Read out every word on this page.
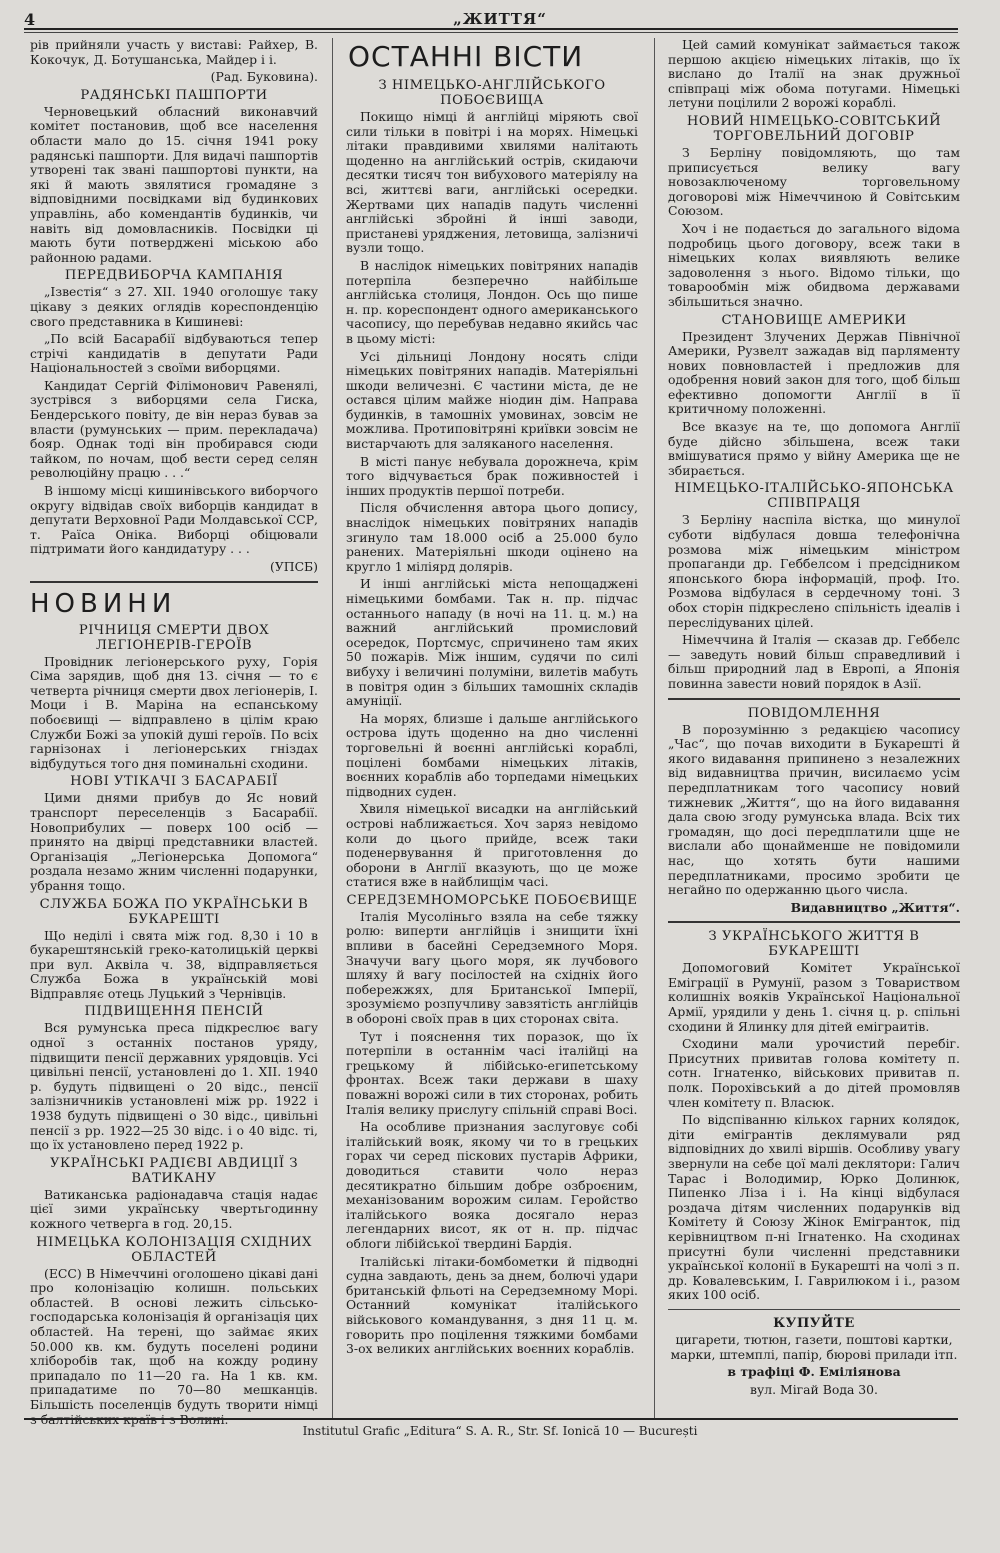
4	„ЖИТТЯ“

рів прийняли участь у виставі: Райхер, В. Кокочук, Д. Ботушанська, Майдер і і.

(Рад. Буковина).

РАДЯНСЬКІ ПАШПОРТИ

Черновецький обласний виконавчий комітет постановив, щоб все населення области мало до 15. січня 1941 року радянські пашпорти. Для видачі пашпортів утворені так звані пашпортові пункти, на які й мають звялятися громадяне з відповідними посвідками від будинкових управлінь, або комендантів будинків, чи навіть від домовласників. Посвідки ці мають бути потверджені міською або районною радами.

ПЕРЕДВИБОРЧА КАМПАНІЯ

„Ізвестія“ з 27. XII. 1940 оголошує таку цікаву з деяких оглядів кореспонденцію свого представника в Кишиневі:

„По всій Басарабії відбуваються тепер стрічі кандидатів в депутати Ради Національностей з своїми виборцями.

Кандидат Сергій Філімонович Равенялі, зустрівся з виборцями села Гиска, Бендерського повіту, де він нераз бував за власти (румунських — прим. перекладача) бояр. Однак тоді він пробирався сюди тайком, по ночам, щоб вести серед селян революційну працю . . .“

В іншому місці кишинівського виборчого округу відвідав своїх виборців кандидат в депутати Верховної Ради Молдавської ССР, т. Раїса Оніка. Виборці обіцювали підтримати його кандидатуру . . .

(УПСБ)

НОВИНИ
РІЧНИЦЯ СМЕРТИ ДВОХ ЛЕГІОНЕРІВ-ГЕРОЇВ

Провідник легіонерського руху, Горія Сіма зарядив, щоб дня 13. січня — то є четверта річниця смерти двох легіонерів, І. Моци і В. Маріна на еспанському побоєвищі — відправлено в цілім краю Служби Божі за упокій душі героїв. По всіх гарнізонах і легіонерських гніздах відбудуться того дня поминальні сходини.

НОВІ УТІКАЧІ З БАСАРАБІЇ

Цими днями прибув до Яс новий транспорт переселенців з Басарабії. Новоприбулих — поверх 100 осіб — принято на двірці представники властей. Організація „Легіонерська Допомога“ роздала незамо жним численні подарунки, убрання тощо.

СЛУЖБА БОЖА ПО УКРАЇНСЬКИ В БУКАРЕШТІ

Що неділі і свята між год. 8,30 і 10 в букарештянській греко-католицькій церкві при вул. Аквіла ч. 38, відправляється Служба Божа в українській мові Відправляє отець Луцький з Чернівців.

ПІДВИЩЕННЯ ПЕНСІЙ

Вся румунська преса підкреслює вагу одної з останніх постанов уряду, підвищити пенсії державних урядовців. Усі цивільні пенсії, установлені до 1. XII. 1940 р. будуть підвищені о 20 відс., пенсії залізничників установлені між рр. 1922 і 1938 будуть підвищені о 30 відс., цивільні пенсії з рр. 1922—25 30 відс. і о 40 відс. ті, що їх установлено перед 1922 р.

УКРАЇНСЬКІ РАДІЄВІ АВДИЦІЇ З ВАТИКАНУ

Ватиканська радіонадавча стація надає цієї зими українську чвертьгодинну кожного четверга в год. 20,15.

НІМЕЦЬКА КОЛОНІЗАЦІЯ СХІДНИХ ОБЛАСТЕЙ

(ЕСС) В Німеччині оголошено цікаві дані про колонізацію колишн. польських областей. В основі лежить сільсько-господарська колонізація й організація цих областей. На терені, що займає яких 50.000 кв. км. будуть поселені родини хліборобів так, щоб на кожду родину припадало по 11—20 га. На 1 кв. км. припадатиме по 70—80 мешканців. Більшість поселенців будуть творити німці з балтійських країв і з Волині.

ОСТАННІ ВІСТИ
З НІМЕЦЬКО-АНГЛІЙСЬКОГО ПОБОЄВИЩА

Покищо німці й англійці міряють свої сили тільки в повітрі і на морях. Німецькі літаки правдивими хвилями налітають щоденно на англійський острів, скидаючи десятки тисяч тон вибухового матеріялу на всі, життєві ваги, англійські осередки. Жертвами цих нападів падуть численні англійські збройні й інші заводи, пристаневі уряджения, летовища, залізничі вузли тощо.

В наслідок німецьких повітряних нападів потерпіла безперечно найбільше англійська столиця, Лондон. Ось що пише н. пр. кореспондент одного американського часопису, що перебував недавно якийсь час в цьому місті:

Усі дільниці Лондону носять сліди німецьких повітряних нападів. Матеріяльні шкоди величезні. Є частини міста, де не остався цілим майже ніодин дім. Направа будинків, в тамошніх умовинах, зовсім не можлива. Протиповітряні криївки зовсім не вистарчають для заляканого населення.

В місті панує небувала дорожнеча, крім того відчувається брак поживностей і інших продуктів першої потреби.

Після обчислення автора цього допису, внаслідок німецьких повітряних нападів згинуло там 18.000 осіб а 25.000 було ранених. Матеріяльні шкоди оцінено на кругло 1 міліярд долярів.

И інші англійські міста непощаджені німецькими бомбами. Так н. пр. підчас останнього нападу (в ночі на 11. ц. м.) на важний англійський промисловий осередок, Портсмус, спричинено там яких 50 пожарів. Між іншим, судячи по силі вибуху і величині полуміни, вилетів мабуть в повітря один з більших тамошніх складів амуніції.

На морях, близше і дальше англійського острова ідуть щоденно на дно численні торговельні й воєнні англійські кораблі, поцілені бомбами німецьких літаків, воєнних кораблів або торпедами німецьких підводних суден.

Хвиля німецької висадки на англійський острові наближається. Хоч заряз невідомо коли до цього прийде, всеж таки поденервування й приготовлення до оборони в Англії вказують, що це може статися вже в найблищім часі.

СЕРЕДЗЕМНОМОРСЬКЕ ПОБОЄВИЩЕ

Італія Мусоліньго взяла на себе тяжку ролю: виперти англійців і знищити їхні впливи в басейні Середземного Моря. Значучи вагу цього моря, як лучбового шляху й вагу посілостей на східніх його побережжях, для Британської Імперії, зрозуміємо розпучливу завзятість англійців в обороні своїх прав в цих сторонах світа.

Тут і пояснення тих поразок, що їх потерпіли в останнім часі італійці на грецькому й лібійсько-египетському фронтах. Всеж таки держави в шаху поважні ворожі сили в тих сторонах, робить Італія велику прислугу спільній справі Восі.

На особливе признания заслуговує собі італійський вояк, якому чи то в грецьких горах чи серед піскових пустарів Африки, доводиться ставити чоло нераз десятикратно більшим добре озброєним, механізованим ворожим силам. Геройство італійського вояка досягало нераз легендарних висот, як от н. пр. підчас облоги лібійської твердині Бардія.

Італійські літаки-бомбометки й підводні судна завдають, день за днем, болючі удари британській фльоті на Середземному Морі. Останний комунікат італійського військового командування, з дня 11 ц. м. говорить про поцілення тяжкими бомбами 3-ох великих англійських воєнних кораблів.

Цей самий комунікат займається також першою акцією німецьких літаків, що їх вислано до Італії на знак дружньої співпраці між обома потугами. Німецькі летуни поцілили 2 ворожі кораблі.

НОВИЙ НІМЕЦЬКО-СОВІТСЬКИЙ ТОРГОВЕЛЬНИЙ ДОГОВІР

З Берліну повідомляють, що там приписується велику вагу новозаключеному торговельному договорові між Німеччиною й Совітським Союзом.

Хоч і не подається до загального відома подробиць цього договору, всеж таки в німецьких колах виявляють велике задоволення з нього. Відомо тільки, що товарообмін між обидвома державами збільшиться значно.

СТАНОВИЩЕ АМЕРИКИ

Президент Злучених Держав Північної Америки, Рузвелт зажадав від парляменту нових повновластей і предложив для одобрення новий закон для того, щоб більш ефективно допомогти Англії в її критичному положенні.

Все вказує на те, що допомога Англії буде дійсно збільшена, всеж таки вмішуватися прямо у війну Америка ще не збирається.

НІМЕЦЬКО-ІТАЛІЙСЬКО-ЯПОНСЬКА СПІВПРАЦЯ

З Берліну наспіла вістка, що минулої суботи відбулася довша телефонічна розмова між німецьким міністром пропаганди др. Геббелсом і предсідником японського бюра інформацій, проф. Іто. Розмова відбулася в сердечному тоні. З обох сторін підкреслено спільність ідеалів і переслідуваних цілей.

Німеччина й Італія — сказав др. Геббелс — заведуть новий більш справедливий і більш природний лад в Европі, а Японія повинна завести новий порядок в Азії.

ПОВІДОМЛЕННЯ

В порозумінню з редакцією часопису „Час“, що почав виходити в Букарешті й якого видавання припинено з незалежних від видавництва причин, висилаємо усім передплатникам того часопису новий тижневик „Життя“, що на його видавання дала свою згоду румунська влада. Всіх тих громадян, що досі передплатили цще не вислали або щонайменше не повідомили нас, що хотять бути нашими передплатниками, просимо зробити це негайно по одержанню цього числа.

Видавництво „Життя“.
З УКРАЇНСЬКОГО ЖИТТЯ В БУКАРЕШТІ

Допомоговий Комітет Української Еміграції в Румунії, разом з Товариством колишніх вояків Української Національної Армії, урядили у день 1. січня ц. р. спільні сходини й Ялинку для дітей еміграитів.

Сходини мали урочистий перебіг. Присутних привитав голова комітету п. сотн. Ігнатенко, військових привитав п. полк. Порохівський а до дітей промовляв член комітету п. Власюк.

По відспіванню кількох гарних колядок, діти емігрантів деклямували ряд відповідних до хвилі віршів. Особливу увагу звернули на себе цої малі деклятори: Галич Тарас і Володимир, Юрко Долинюк, Пипенко Ліза і і. На кінці відбулася роздача дітям численних подарунків від Комітету й Союзу Жінок Емігранток, під керівництвом п-ні Ігнатенко. На сходинах присутні були численні представники української колонії в Букарешті на чолі з п. др. Ковалевським, І. Гаврилюком і і., разом яких 100 осіб.

КУПУЙТЕ

цигарети, тютюн, газети, поштові картки, марки, штемплі, папір, бюрові прилади ітп.

в трафіці Ф. Еміліянова

вул. Мігай Вода 30.

Institutul Grafic „Editura“ S. A. R., Str. Sf. Ionică 10 — București
